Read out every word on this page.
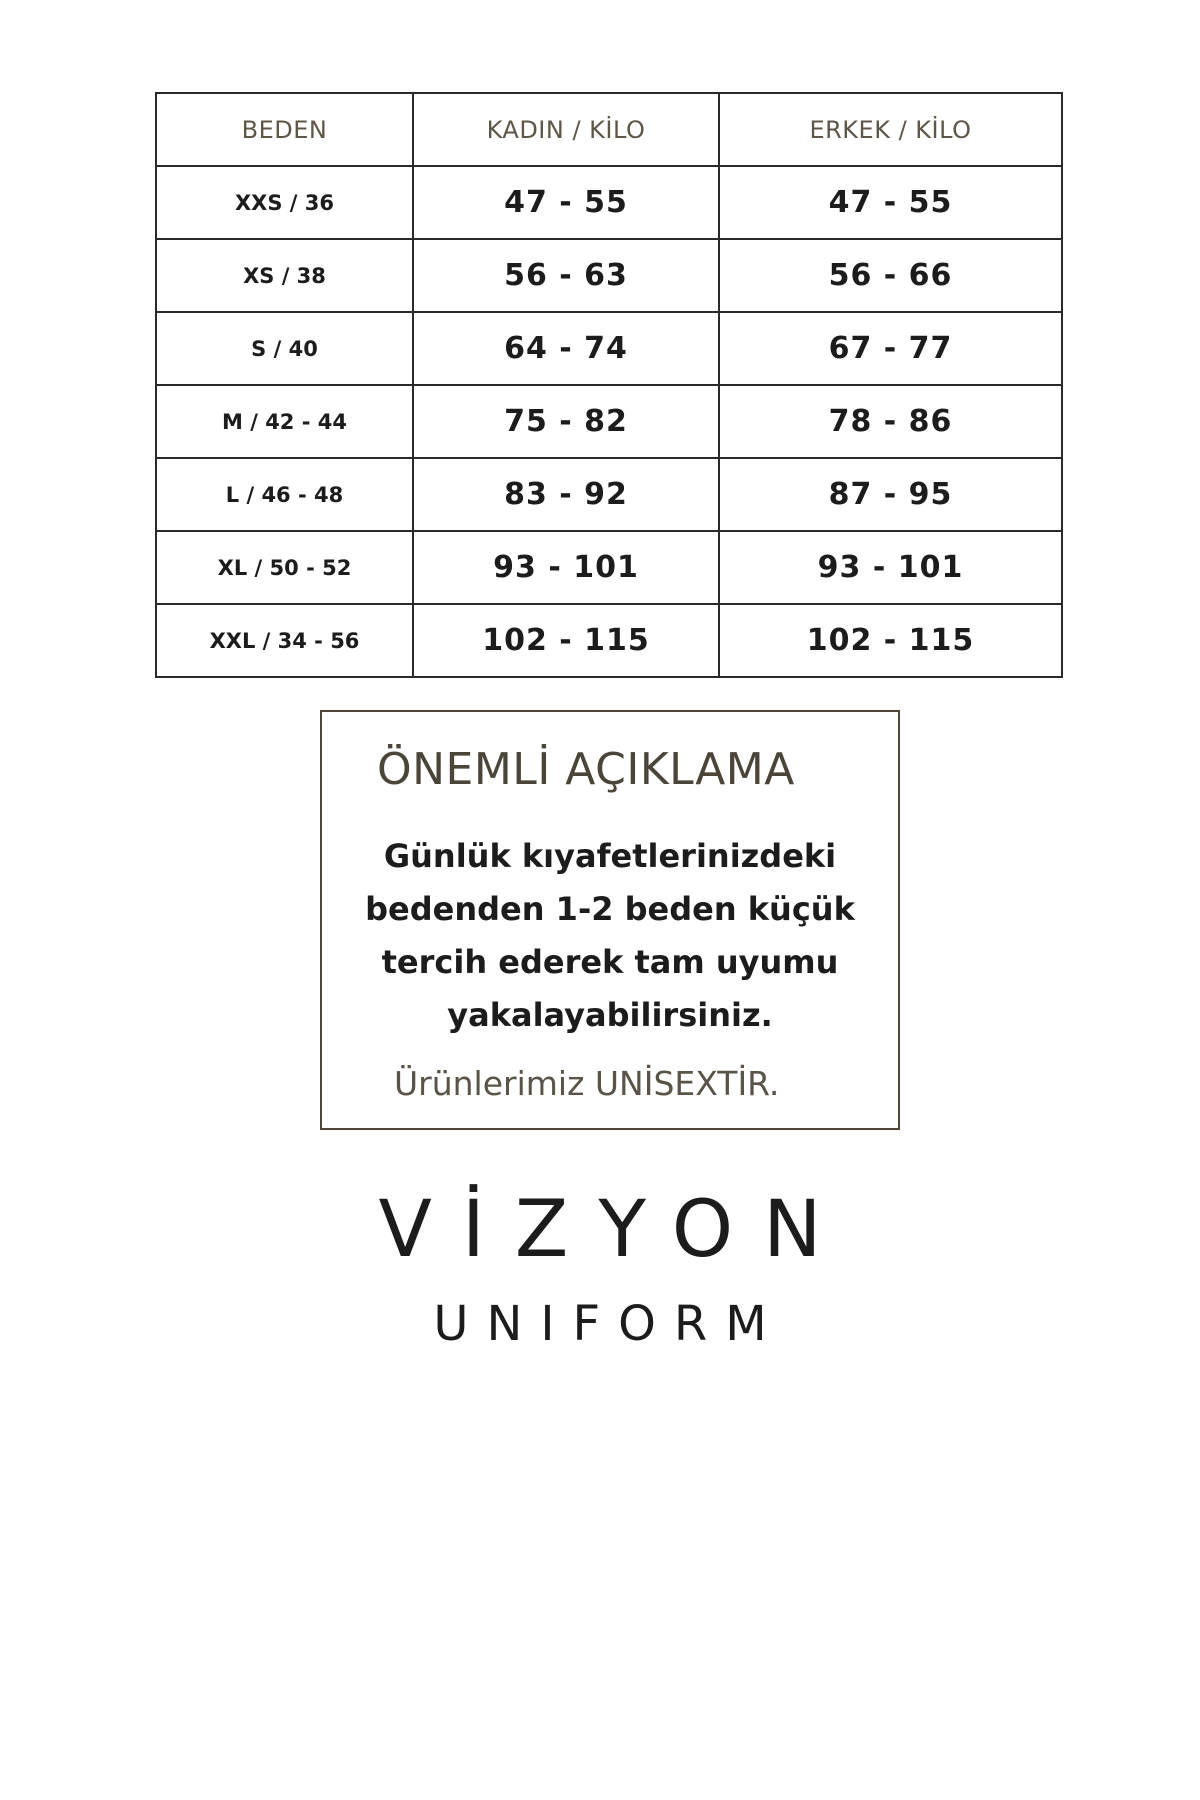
BEDEN	KADIN / KİLO	ERKEK / KİLO
XXS / 36	47 - 55	47 - 55
XS / 38	56 - 63	56 - 66
S / 40	64 - 74	67 - 77
M / 42 - 44	75 - 82	78 - 86
L / 46 - 48	83 - 92	87 - 95
XL / 50 - 52	93 - 101	93 - 101
XXL / 34 - 56	102 - 115	102 - 115
ÖNEMLİ AÇIKLAMA
Günlük kıyafetlerinizdeki
bedenden 1-2 beden küçük
tercih ederek tam uyumu
yakalayabilirsiniz.
Ürünlerimiz UNİSEXTİR.
VİZYON
UNIFORM
